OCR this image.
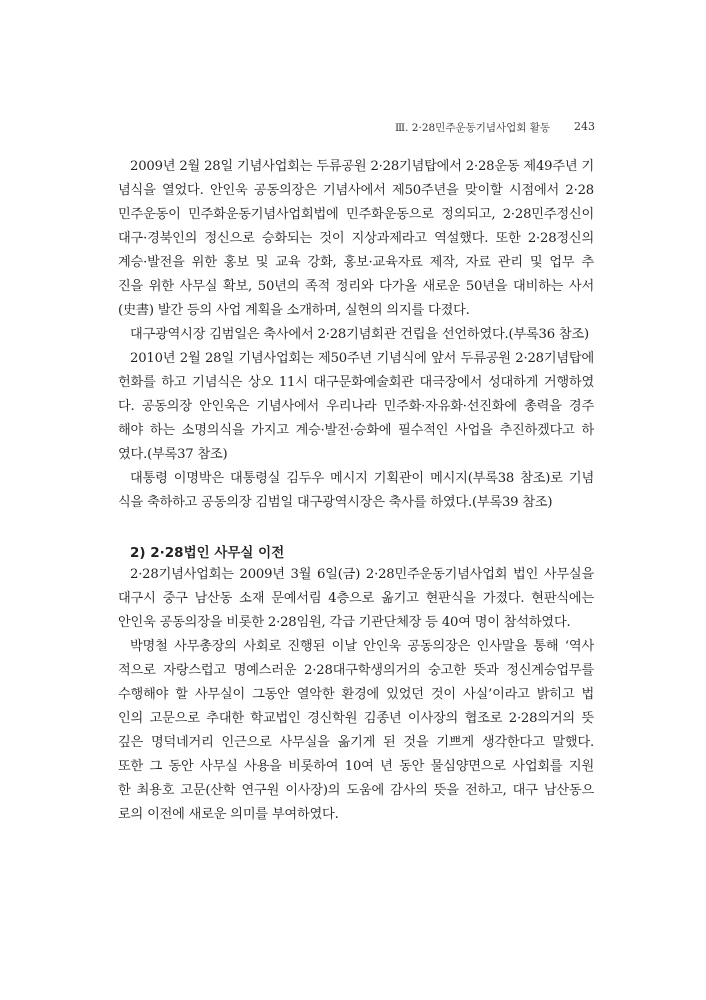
Ⅲ. 2·28민주운동기념사업회 활동 243
2009년 2월 28일 기념사업회는 두류공원 2·28기념탑에서 2·28운동 제49주년 기
념식을 열었다. 안인욱 공동의장은 기념사에서 제50주년을 맞이할 시점에서 2·28
민주운동이 민주화운동기념사업회법에 민주화운동으로 정의되고, 2·28민주정신이
대구·경북인의 정신으로 승화되는 것이 지상과제라고 역설했다. 또한 2·28정신의
계승·발전을 위한 홍보 및 교육 강화, 홍보·교육자료 제작, 자료 관리 및 업무 추
진을 위한 사무실 확보, 50년의 족적 정리와 다가올 새로운 50년을 대비하는 사서
(史書) 발간 등의 사업 계획을 소개하며, 실현의 의지를 다졌다.
대구광역시장 김범일은 축사에서 2·28기념회관 건립을 선언하였다.(부록36 참조)
2010년 2월 28일 기념사업회는 제50주년 기념식에 앞서 두류공원 2·28기념탑에
헌화를 하고 기념식은 상오 11시 대구문화예술회관 대극장에서 성대하게 거행하였
다. 공동의장 안인욱은 기념사에서 우리나라 민주화·자유화·선진화에 총력을 경주
해야 하는 소명의식을 가지고 계승·발전·승화에 필수적인 사업을 추진하겠다고 하
였다.(부록37 참조)
대통령 이명박은 대통령실 김두우 메시지 기획관이 메시지(부록38 참조)로 기념
식을 축하하고 공동의장 김범일 대구광역시장은 축사를 하였다.(부록39 참조)
2) 2·28법인 사무실 이전
2·28기념사업회는 2009년 3월 6일(금) 2·28민주운동기념사업회 법인 사무실을
대구시 중구 남산동 소재 문예서림 4층으로 옮기고 현판식을 가졌다. 현판식에는
안인욱 공동의장을 비롯한 2·28임원, 각급 기관단체장 등 40여 명이 참석하였다.
박명철 사무총장의 사회로 진행된 이날 안인욱 공동의장은 인사말을 통해 ‘역사
적으로 자랑스럽고 명예스러운 2·28대구학생의거의 숭고한 뜻과 정신계승업무를
수행해야 할 사무실이 그동안 열악한 환경에 있었던 것이 사실’이라고 밝히고 법
인의 고문으로 추대한 학교법인 경신학원 김종년 이사장의 협조로 2·28의거의 뜻
깊은 명덕네거리 인근으로 사무실을 옮기게 된 것을 기쁘게 생각한다고 말했다.
또한 그 동안 사무실 사용을 비롯하여 10여 년 동안 물심양면으로 사업회를 지원
한 최용호 고문(산학 연구원 이사장)의 도움에 감사의 뜻을 전하고, 대구 남산동으
로의 이전에 새로운 의미를 부여하였다.
